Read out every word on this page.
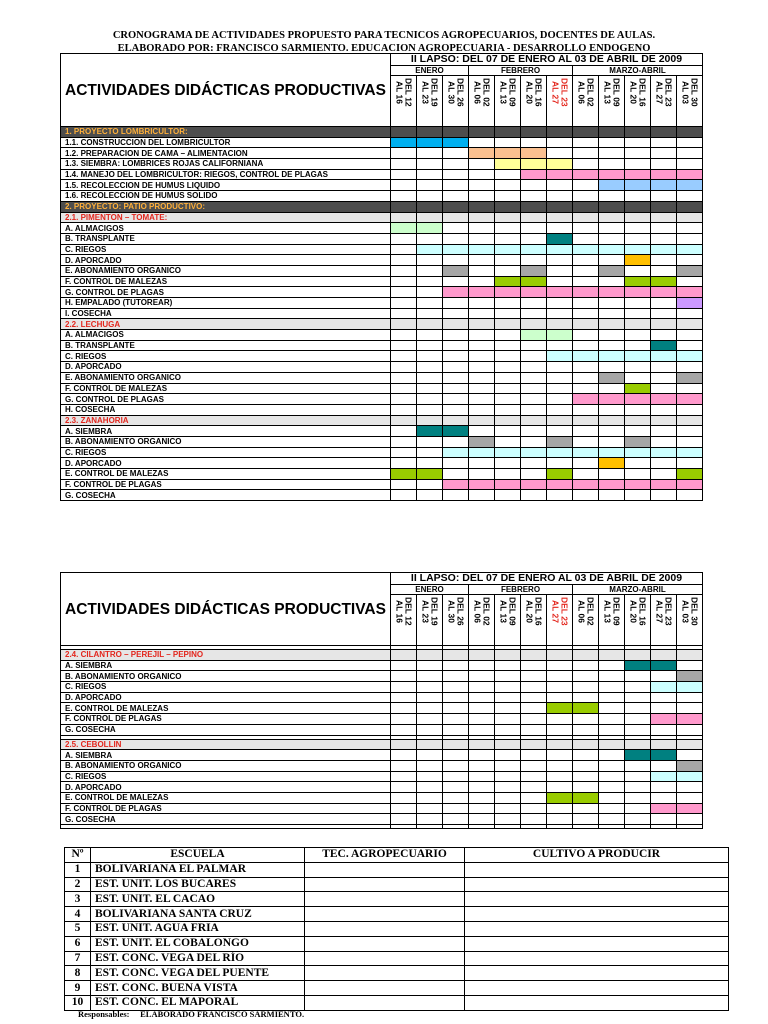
CRONOGRAMA DE ACTIVIDADES PROPUESTO PARA TECNICOS AGROPECUARIOS, DOCENTES DE AULAS.
ELABORADO POR: FRANCISCO SARMIENTO. EDUCACION AGROPECUARIA - DESARROLLO ENDOGENO
ACTIVIDADES DIDÁCTICAS PRODUCTIVAS	II LAPSO: DEL 07 DE ENERO AL 03 DE ABRIL DE 2009											
	ENERO			FEBRERO				MARZO-ABRIL				
	DEL 12
AL 16	DEL 19
AL 23	DEL 26
AL 30	DEL 02
AL 06	DEL 09
AL 13	DEL 16
AL 20	DEL 23
AL 27	DEL 02
AL 06	DEL 09
AL 13	DEL 16
AL 20	DEL 23
AL 27	DEL 30
AL 03
1. PROYECTO LOMBRICULTOR:												
1.1. CONSTRUCCION DEL LOMBRICULTOR												
1.2. PREPARACION DE CAMA – ALIMENTACION												
1.3. SIEMBRA: LOMBRICES ROJAS CALIFORNIANA												
1.4. MANEJO DEL LOMBRICULTOR: RIEGOS, CONTROL DE PLAGAS												
1.5. RECOLECCION DE HUMUS LIQUIDO												
1.6. RECOLECCION DE HUMUS SOLIDO												
2. PROYECTO: PATIO PRODUCTIVO:												
2.1. PIMENTON – TOMATE:												
A. ALMACIGOS												
B. TRANSPLANTE												
C. RIEGOS												
D. APORCADO												
E. ABONAMIENTO ORGANICO												
F. CONTROL DE MALEZAS												
G. CONTROL DE PLAGAS												
H. EMPALADO (TUTOREAR)												
I. COSECHA												
2.2. LECHUGA												
A. ALMACIGOS												
B. TRANSPLANTE												
C. RIEGOS												
D. APORCADO												
E. ABONAMIENTO ORGANICO												
F. CONTROL DE MALEZAS												
G. CONTROL DE PLAGAS												
H. COSECHA												
2.3. ZANAHORIA												
A. SIEMBRA												
B. ABONAMIENTO ORGANICO												
C. RIEGOS												
D. APORCADO												
E. CONTROL DE MALEZAS												
F. CONTROL DE PLAGAS												
G. COSECHA												
ACTIVIDADES DIDÁCTICAS PRODUCTIVAS	II LAPSO: DEL 07 DE ENERO AL 03 DE ABRIL DE 2009											
	ENERO			FEBRERO				MARZO-ABRIL				
	DEL 12
AL 16	DEL 19
AL 23	DEL 26
AL 30	DEL 02
AL 06	DEL 09
AL 13	DEL 16
AL 20	DEL 23
AL 27	DEL 02
AL 06	DEL 09
AL 13	DEL 16
AL 20	DEL 23
AL 27	DEL 30
AL 03

2.4. CILANTRO – PEREJIL – PEPINO												
A. SIEMBRA												
B. ABONAMIENTO ORGANICO												
C. RIEGOS												
D. APORCADO												
E. CONTROL DE MALEZAS												
F. CONTROL DE PLAGAS												
G. COSECHA												

2.5. CEBOLLIN												
A. SIEMBRA												
B. ABONAMIENTO ORGANICO												
C. RIEGOS												
D. APORCADO												
E. CONTROL DE MALEZAS												
F. CONTROL DE PLAGAS												
G. COSECHA												

Nº	ESCUELA	TEC. AGROPECUARIO	CULTIVO A PRODUCIR
1	BOLIVARIANA EL PALMAR		
2	EST. UNIT. LOS BUCARES		
3	EST. UNIT. EL CACAO		
4	BOLIVARIANA SANTA CRUZ		
5	EST. UNIT. AGUA FRIA		
6	EST. UNIT. EL COBALONGO		
7	EST. CONC. VEGA DEL RÍO		
8	EST. CONC. VEGA DEL PUENTE		
9	EST. CONC. BUENA VISTA		
10	EST. CONC. EL MAPORAL		
Responsables: ELABORADO FRANCISCO SARMIENTO.
